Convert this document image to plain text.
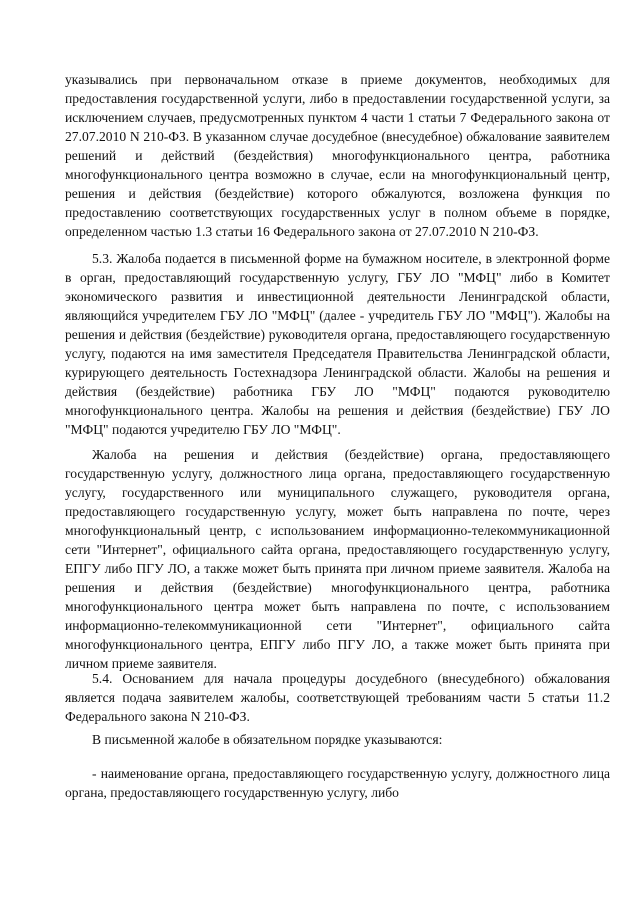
указывались при первоначальном отказе в приеме документов, необходимых для предоставления государственной услуги, либо в предоставлении государственной услуги, за исключением случаев, предусмотренных пунктом 4 части 1 статьи 7 Федерального закона от 27.07.2010 N 210-ФЗ. В указанном случае досудебное (внесудебное) обжалование заявителем решений и действий (бездействия) многофункционального центра, работника многофункционального центра возможно в случае, если на многофункциональный центр, решения и действия (бездействие) которого обжалуются, возложена функция по предоставлению соответствующих государственных услуг в полном объеме в порядке, определенном частью 1.3 статьи 16 Федерального закона от 27.07.2010 N 210-ФЗ.

5.3. Жалоба подается в письменной форме на бумажном носителе, в электронной форме в орган, предоставляющий государственную услугу, ГБУ ЛО "МФЦ" либо в Комитет экономического развития и инвестиционной деятельности Ленинградской области, являющийся учредителем ГБУ ЛО "МФЦ" (далее - учредитель ГБУ ЛО "МФЦ"). Жалобы на решения и действия (бездействие) руководителя органа, предоставляющего государственную услугу, подаются на имя заместителя Председателя Правительства Ленинградской области, курирующего деятельность Гостехнадзора Ленинградской области. Жалобы на решения и действия (бездействие) работника ГБУ ЛО "МФЦ" подаются руководителю многофункционального центра. Жалобы на решения и действия (бездействие) ГБУ ЛО "МФЦ" подаются учредителю ГБУ ЛО "МФЦ".

Жалоба на решения и действия (бездействие) органа, предоставляющего государственную услугу, должностного лица органа, предоставляющего государственную услугу, государственного или муниципального служащего, руководителя органа, предоставляющего государственную услугу, может быть направлена по почте, через многофункциональный центр, с использованием информационно-телекоммуникационной сети "Интернет", официального сайта органа, предоставляющего государственную услугу, ЕПГУ либо ПГУ ЛО, а также может быть принята при личном приеме заявителя. Жалоба на решения и действия (бездействие) многофункционального центра, работника многофункционального центра может быть направлена по почте, с использованием информационно-телекоммуникационной сети "Интернет", официального сайта многофункционального центра, ЕПГУ либо ПГУ ЛО, а также может быть принята при личном приеме заявителя.

5.4. Основанием для начала процедуры досудебного (внесудебного) обжалования является подача заявителем жалобы, соответствующей требованиям части 5 статьи 11.2 Федерального закона N 210-ФЗ.

В письменной жалобе в обязательном порядке указываются:

- наименование органа, предоставляющего государственную услугу, должностного лица органа, предоставляющего государственную услугу, либо
